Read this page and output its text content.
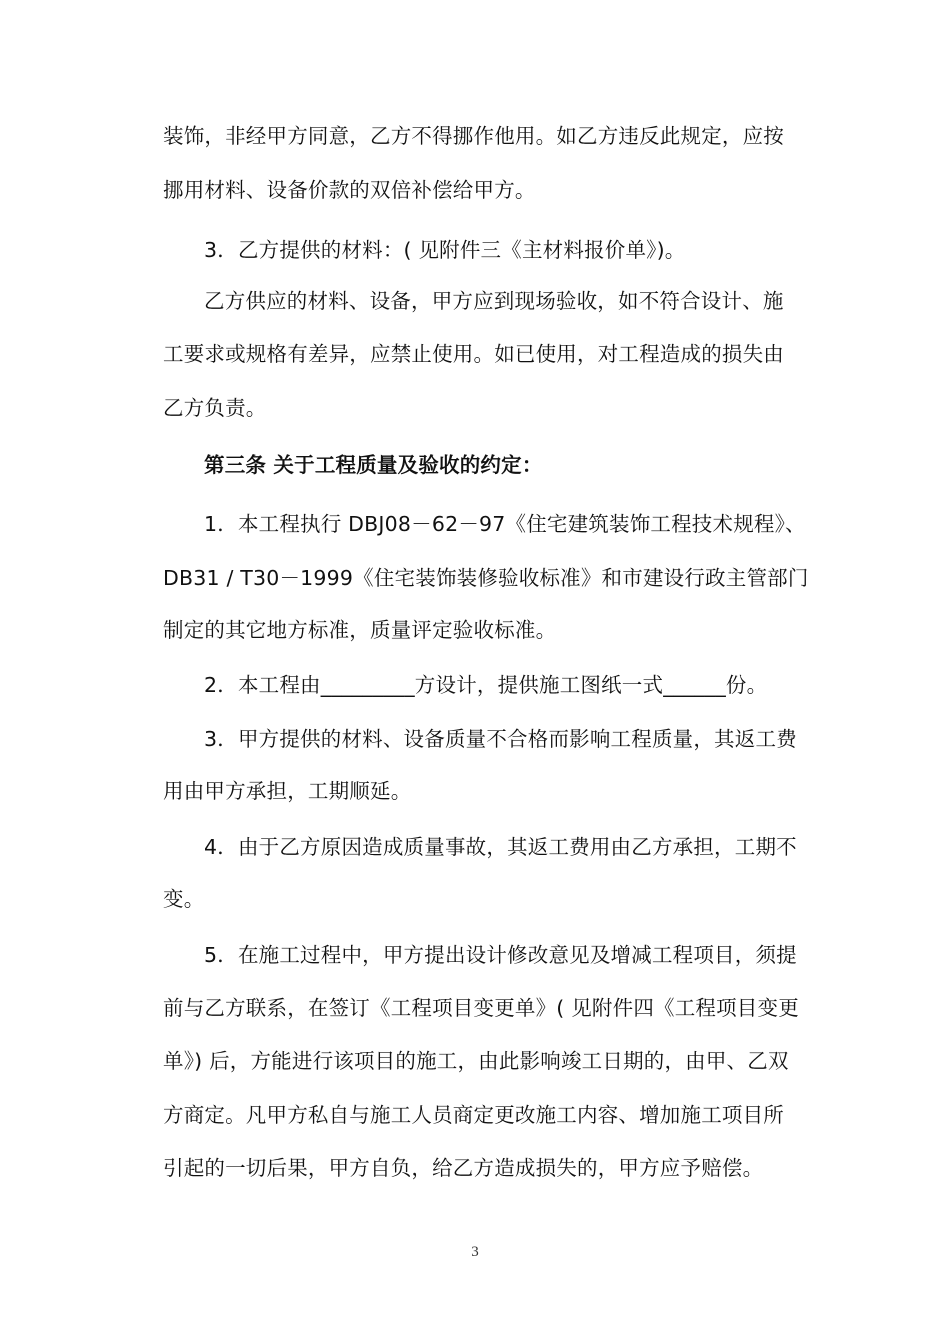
装饰，非经甲方同意，乙方不得挪作他用。如乙方违反此规定，应按
挪用材料、设备价款的双倍补偿给甲方。
3．乙方提供的材料：( 见附件三《主材料报价单》)。
乙方供应的材料、设备，甲方应到现场验收，如不符合设计、施
工要求或规格有差异，应禁止使用。如已使用，对工程造成的损失由
乙方负责。
第三条 关于工程质量及验收的约定：
1．本工程执行 DBJ08－62－97《住宅建筑装饰工程技术规程》、
DB31 / T30－1999《住宅装饰装修验收标准》和市建设行政主管部门
制定的其它地方标准，质量评定验收标准。
2．本工程由_________方设计，提供施工图纸一式______份。
3．甲方提供的材料、设备质量不合格而影响工程质量，其返工费
用由甲方承担，工期顺延。
4．由于乙方原因造成质量事故，其返工费用由乙方承担，工期不
变。
5．在施工过程中，甲方提出设计修改意见及增减工程项目，须提
前与乙方联系，在签订《工程项目变更单》( 见附件四《工程项目变更
单》) 后，方能进行该项目的施工，由此影响竣工日期的，由甲、乙双
方商定。凡甲方私自与施工人员商定更改施工内容、增加施工项目所
引起的一切后果，甲方自负，给乙方造成损失的，甲方应予赔偿。
3
